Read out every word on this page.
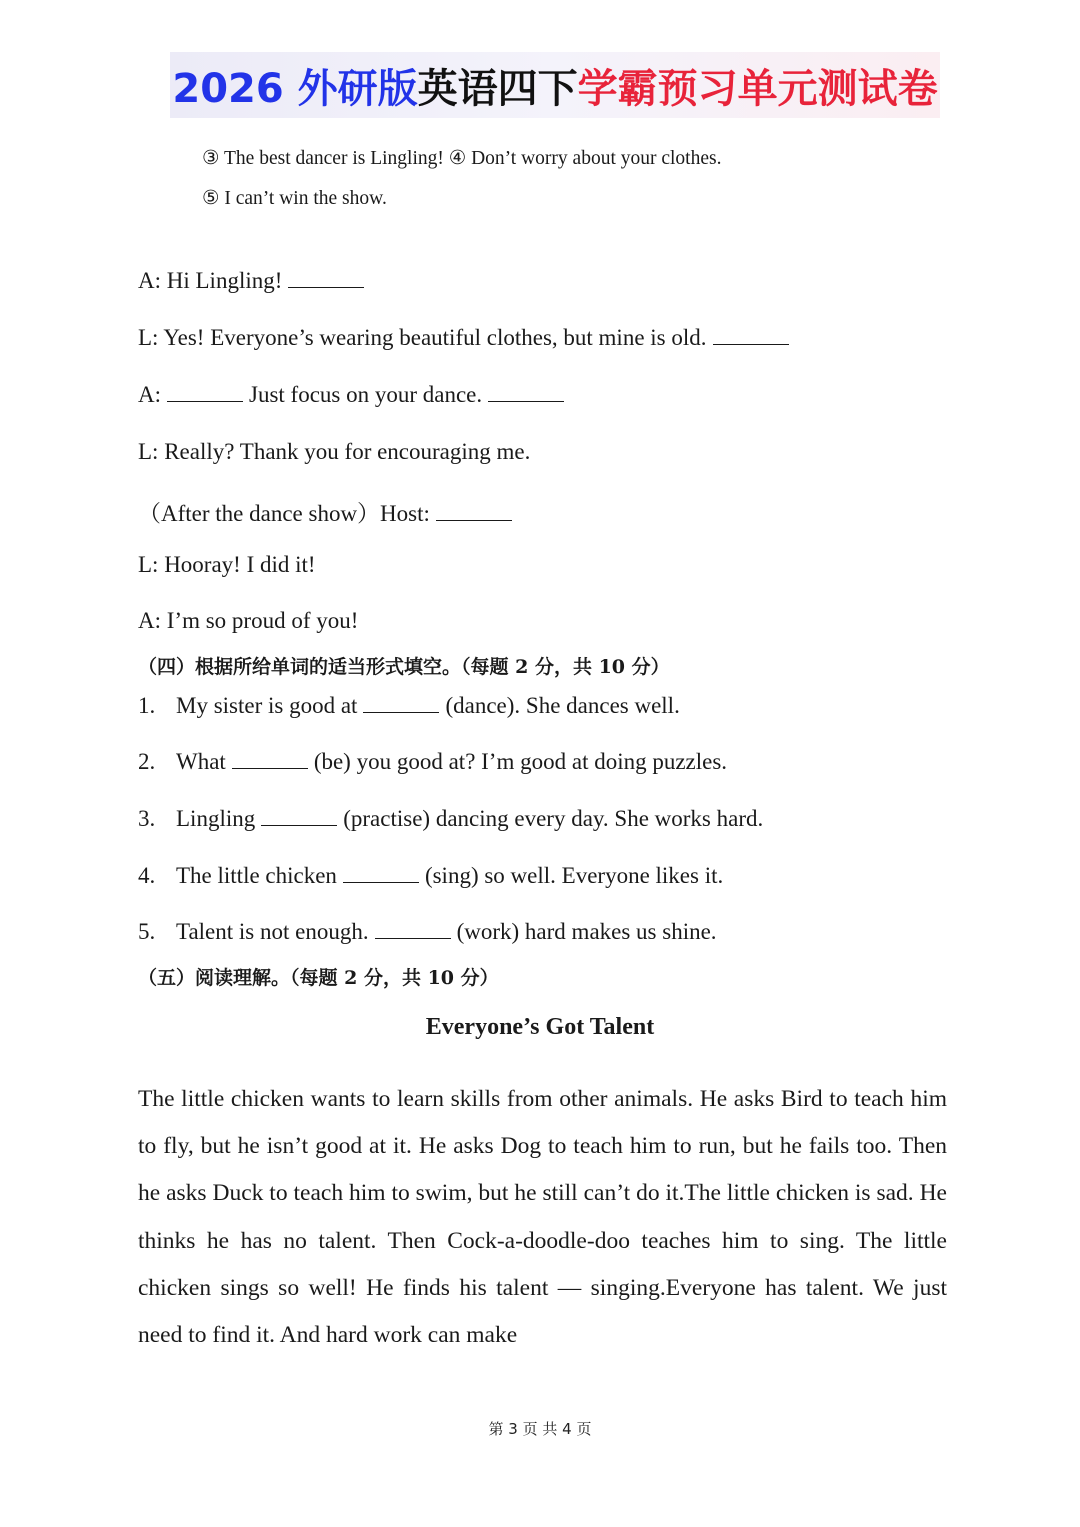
2026 外研版英语四下学霸预习单元测试卷
③ The best dancer is Lingling! ④ Don’t worry about your clothes.
⑤ I can’t win the show.
A: Hi Lingling!
L: Yes! Everyone’s wearing beautiful clothes, but mine is old.
A:	Just focus on your dance.
L: Really? Thank you for encouraging me.
（After the dance show）Host:
L: Hooray! I did it!
A: I’m so proud of you!
（四）根据所给单词的适当形式填空。（每题 2 分，共 10 分）
1. My sister is good at	(dance). She dances well.
2. What	(be) you good at? I’m good at doing puzzles.
3. Lingling	(practise) dancing every day. She works hard.
4. The little chicken	(sing) so well. Everyone likes it.
5. Talent is not enough.	(work) hard makes us shine.
（五）阅读理解。（每题 2 分，共 10 分）
Everyone’s Got Talent
The little chicken wants to learn skills from other animals. He asks Bird to teach him to fly, but he isn’t good at it. He asks Dog to teach him to run, but he fails too. Then he asks Duck to teach him to swim, but he still can’t do it.The little chicken is sad. He thinks he has no talent. Then Cock-a-doodle-doo teaches him to sing. The little chicken sings so well! He finds his talent — singing.Everyone has talent. We just need to find it. And hard work can make
第 3 页 共 4 页
